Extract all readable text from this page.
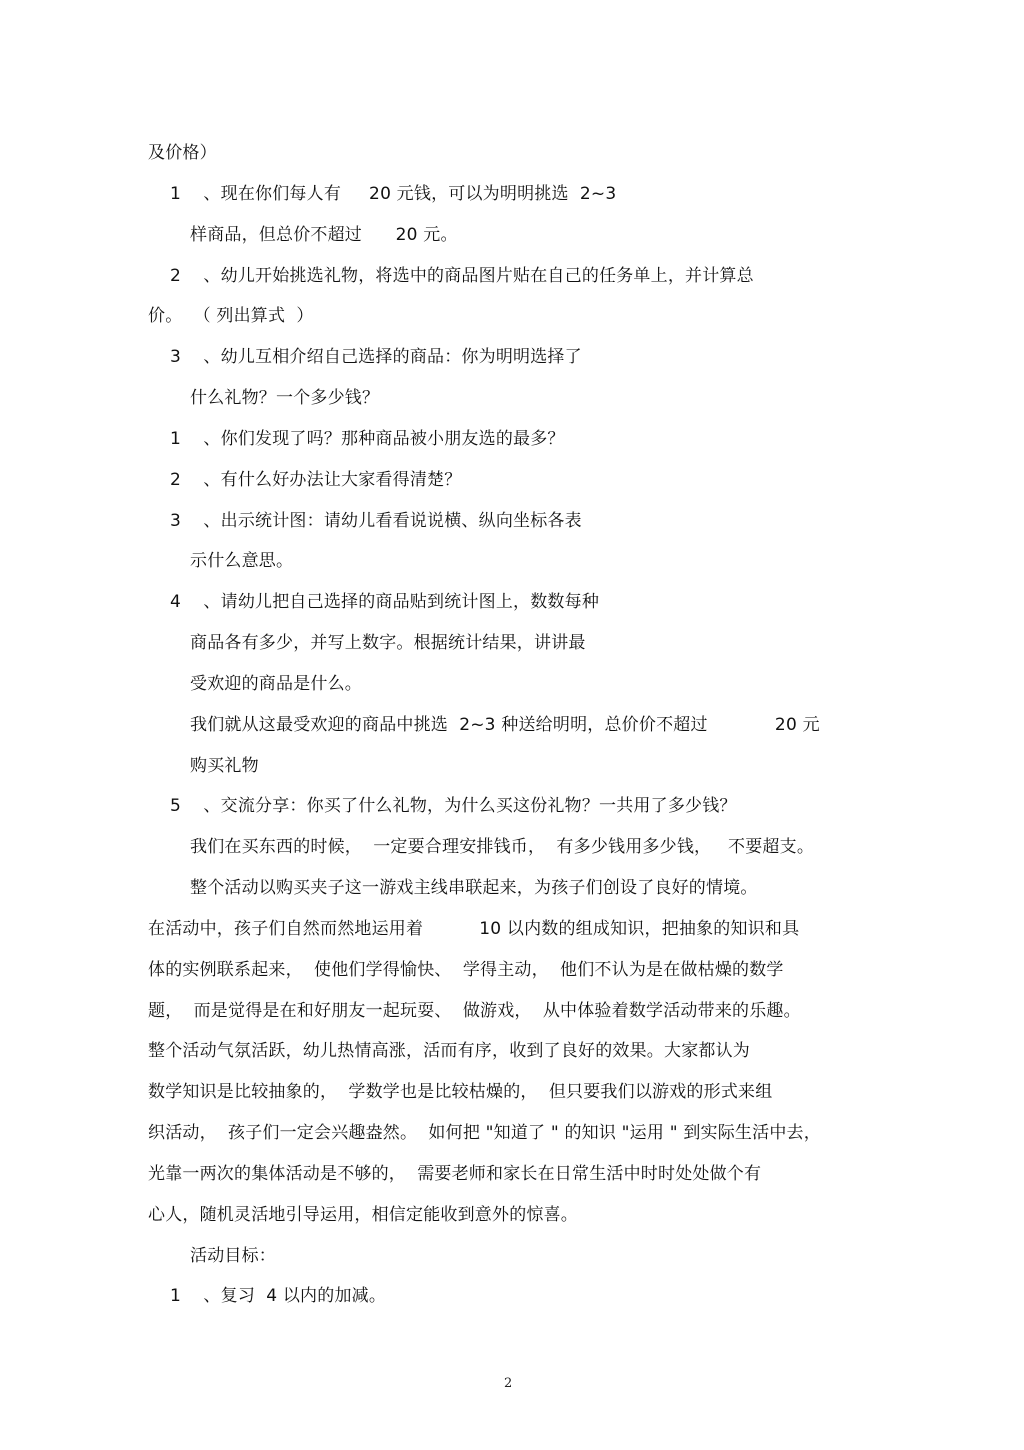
及价格）
1    、现在你们每人有     20 元钱，可以为明明挑选  2~3
样商品，但总价不超过      20 元。
2    、幼儿开始挑选礼物，将选中的商品图片贴在自己的任务单上，并计算总
价。  （ 列出算式  ）
3    、幼儿互相介绍自己选择的商品：你为明明选择了
什么礼物？一个多少钱？
1    、你们发现了吗？那种商品被小朋友选的最多？
2    、有什么好办法让大家看得清楚？
3    、出示统计图：请幼儿看看说说横、纵向坐标各表
示什么意思。
4    、请幼儿把自己选择的商品贴到统计图上，数数每种
商品各有多少，并写上数字。根据统计结果，讲讲最
受欢迎的商品是什么。
我们就从这最受欢迎的商品中挑选  2~3 种送给明明，总价价不超过            20 元
购买礼物
5    、交流分享：你买了什么礼物，为什么买这份礼物？一共用了多少钱？
我们在买东西的时候，  一定要合理安排钱币，  有多少钱用多少钱，   不要超支。
整个活动以购买夹子这一游戏主线串联起来，为孩子们创设了良好的情境。
在活动中，孩子们自然而然地运用着          10 以内数的组成知识，把抽象的知识和具
体的实例联系起来，  使他们学得愉快、  学得主动，  他们不认为是在做枯燥的数学
题，  而是觉得是在和好朋友一起玩耍、  做游戏，  从中体验着数学活动带来的乐趣。
整个活动气氛活跃，幼儿热情高涨，活而有序，收到了良好的效果。大家都认为
数学知识是比较抽象的，  学数学也是比较枯燥的，  但只要我们以游戏的形式来组
织活动，  孩子们一定会兴趣盎然。  如何把 "知道了 " 的知识 "运用 " 到实际生活中去，
光靠一两次的集体活动是不够的，  需要老师和家长在日常生活中时时处处做个有
心人，随机灵活地引导运用，相信定能收到意外的惊喜。
活动目标：
1    、复习  4 以内的加减。
2
